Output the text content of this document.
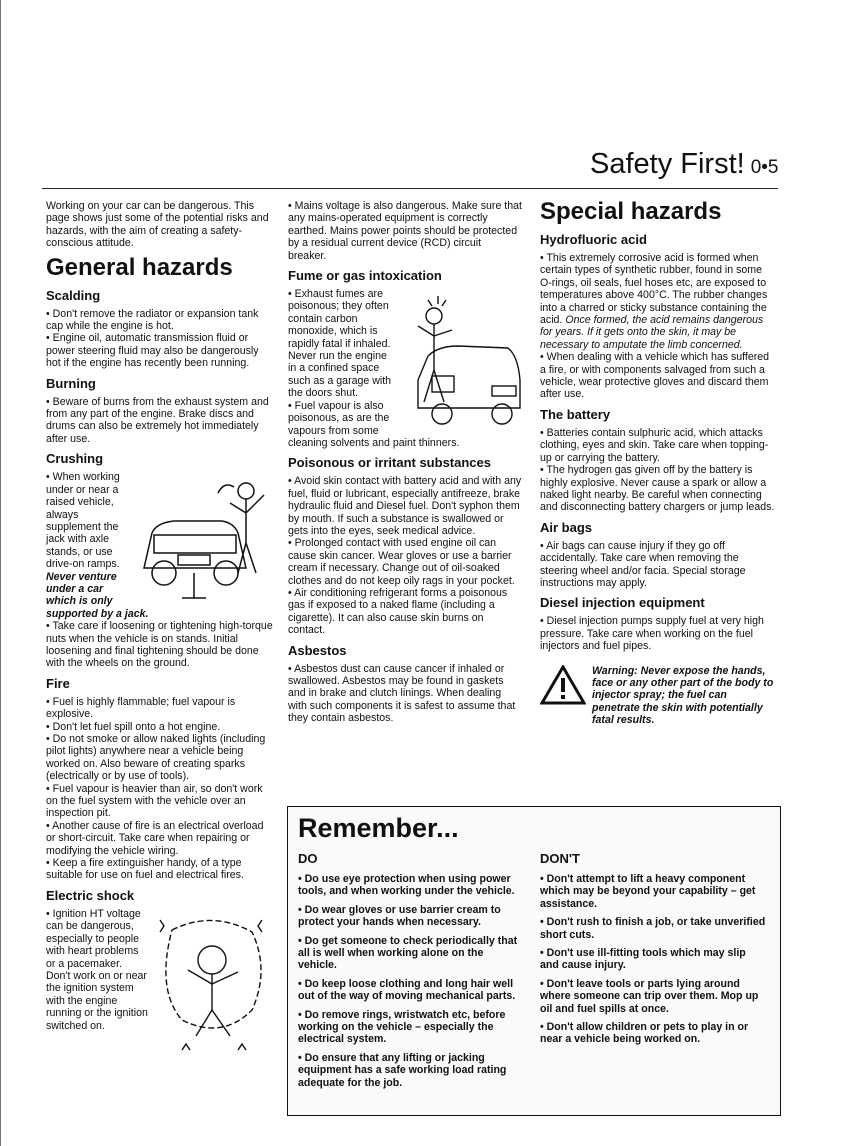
Safety First! 0•5

Working on your car can be dangerous. This page shows just some of the potential risks and hazards, with the aim of creating a safety-conscious attitude.

General hazards
Scalding

• Don't remove the radiator or expansion tank cap while the engine is hot.

• Engine oil, automatic transmission fluid or power steering fluid may also be dangerously hot if the engine has recently been running.

Burning

• Beware of burns from the exhaust system and from any part of the engine. Brake discs and drums can also be extremely hot immediately after use.

Crushing

• When working under or near a raised vehicle, always supplement the jack with axle stands, or use drive-on ramps.

Never venture under a car which is only supported by a jack.

• Take care if loosening or tightening high-torque nuts when the vehicle is on stands. Initial loosening and final tightening should be done with the wheels on the ground.

Fire

• Fuel is highly flammable; fuel vapour is explosive.

• Don't let fuel spill onto a hot engine.

• Do not smoke or allow naked lights (including pilot lights) anywhere near a vehicle being worked on. Also beware of creating sparks (electrically or by use of tools).

• Fuel vapour is heavier than air, so don't work on the fuel system with the vehicle over an inspection pit.

• Another cause of fire is an electrical overload or short-circuit. Take care when repairing or modifying the vehicle wiring.

• Keep a fire extinguisher handy, of a type suitable for use on fuel and electrical fires.

Electric shock

• Ignition HT voltage can be dangerous, especially to people with heart problems or a pacemaker. Don't work on or near the ignition system with the engine running or the ignition switched on.

• Mains voltage is also dangerous. Make sure that any mains-operated equipment is correctly earthed. Mains power points should be protected by a residual current device (RCD) circuit breaker.

Fume or gas intoxication

• Exhaust fumes are poisonous; they often contain carbon monoxide, which is rapidly fatal if inhaled. Never run the engine in a confined space such as a garage with the doors shut.

• Fuel vapour is also poisonous, as are the vapours from some cleaning solvents and paint thinners.

Poisonous or irritant substances

• Avoid skin contact with battery acid and with any fuel, fluid or lubricant, especially antifreeze, brake hydraulic fluid and Diesel fuel. Don't syphon them by mouth. If such a substance is swallowed or gets into the eyes, seek medical advice.

• Prolonged contact with used engine oil can cause skin cancer. Wear gloves or use a barrier cream if necessary. Change out of oil-soaked clothes and do not keep oily rags in your pocket.

• Air conditioning refrigerant forms a poisonous gas if exposed to a naked flame (including a cigarette). It can also cause skin burns on contact.

Asbestos

• Asbestos dust can cause cancer if inhaled or swallowed. Asbestos may be found in gaskets and in brake and clutch linings. When dealing with such components it is safest to assume that they contain asbestos.

Special hazards
Hydrofluoric acid

• This extremely corrosive acid is formed when certain types of synthetic rubber, found in some O-rings, oil seals, fuel hoses etc, are exposed to temperatures above 400°C. The rubber changes into a charred or sticky substance containing the acid. Once formed, the acid remains dangerous for years. If it gets onto the skin, it may be necessary to amputate the limb concerned.

• When dealing with a vehicle which has suffered a fire, or with components salvaged from such a vehicle, wear protective gloves and discard them after use.

The battery

• Batteries contain sulphuric acid, which attacks clothing, eyes and skin. Take care when topping-up or carrying the battery.

• The hydrogen gas given off by the battery is highly explosive. Never cause a spark or allow a naked light nearby. Be careful when connecting and disconnecting battery chargers or jump leads.

Air bags

• Air bags can cause injury if they go off accidentally. Take care when removing the steering wheel and/or facia. Special storage instructions may apply.

Diesel injection equipment

• Diesel injection pumps supply fuel at very high pressure. Take care when working on the fuel injectors and fuel pipes.

Warning: Never expose the hands, face or any other part of the body to injector spray; the fuel can penetrate the skin with potentially fatal results.
Remember...
DO

• Do use eye protection when using power tools, and when working under the vehicle.

• Do wear gloves or use barrier cream to protect your hands when necessary.

• Do get someone to check periodically that all is well when working alone on the vehicle.

• Do keep loose clothing and long hair well out of the way of moving mechanical parts.

• Do remove rings, wristwatch etc, before working on the vehicle – especially the electrical system.

• Do ensure that any lifting or jacking equipment has a safe working load rating adequate for the job.

DON'T

• Don't attempt to lift a heavy component which may be beyond your capability – get assistance.

• Don't rush to finish a job, or take unverified short cuts.

• Don't use ill-fitting tools which may slip and cause injury.

• Don't leave tools or parts lying around where someone can trip over them. Mop up oil and fuel spills at once.

• Don't allow children or pets to play in or near a vehicle being worked on.
